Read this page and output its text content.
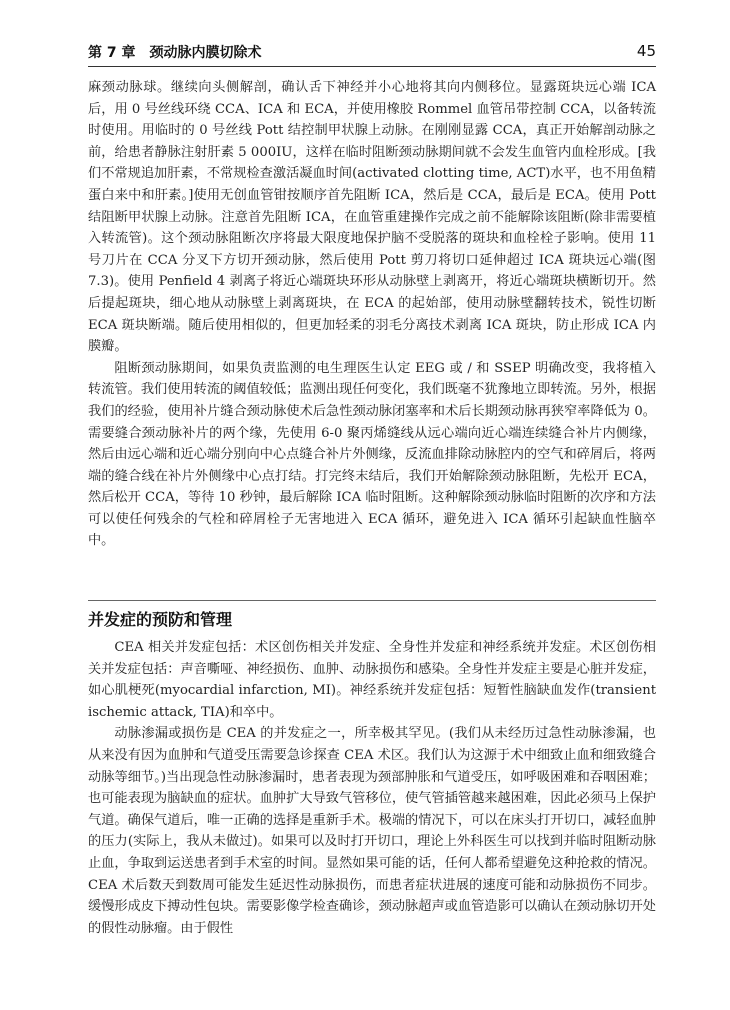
第 7 章　颈动脉内膜切除术	45

麻颈动脉球。继续向头侧解剖，确认舌下神经并小心地将其向内侧移位。显露斑块远心端 ICA 后，用 0 号丝线环绕 CCA、ICA 和 ECA，并使用橡胶 Rommel 血管吊带控制 CCA，以备转流时使用。用临时的 0 号丝线 Pott 结控制甲状腺上动脉。在刚刚显露 CCA，真正开始解剖动脉之前，给患者静脉注射肝素 5 000IU，这样在临时阻断颈动脉期间就不会发生血管内血栓形成。[我们不常规追加肝素，不常规检查激活凝血时间(activated clotting time, ACT)水平，也不用鱼精蛋白来中和肝素。]使用无创血管钳按顺序首先阻断 ICA，然后是 CCA，最后是 ECA。使用 Pott 结阻断甲状腺上动脉。注意首先阻断 ICA，在血管重建操作完成之前不能解除该阻断(除非需要植入转流管)。这个颈动脉阻断次序将最大限度地保护脑不受脱落的斑块和血栓栓子影响。使用 11 号刀片在 CCA 分叉下方切开颈动脉，然后使用 Pott 剪刀将切口延伸超过 ICA 斑块远心端(图 7.3)。使用 Penfield 4 剥离子将近心端斑块环形从动脉壁上剥离开，将近心端斑块横断切开。然后提起斑块，细心地从动脉壁上剥离斑块，在 ECA 的起始部，使用动脉壁翻转技术，锐性切断 ECA 斑块断端。随后使用相似的，但更加轻柔的羽毛分离技术剥离 ICA 斑块，防止形成 ICA 内膜瓣。

阻断颈动脉期间，如果负责监测的电生理医生认定 EEG 或 / 和 SSEP 明确改变，我将植入转流管。我们使用转流的阈值较低；监测出现任何变化，我们既毫不犹豫地立即转流。另外，根据我们的经验，使用补片缝合颈动脉使术后急性颈动脉闭塞率和术后长期颈动脉再狭窄率降低为 0。需要缝合颈动脉补片的两个缘，先使用 6-0 聚丙烯缝线从远心端向近心端连续缝合补片内侧缘，然后由远心端和近心端分别向中心点缝合补片外侧缘，反流血排除动脉腔内的空气和碎屑后，将两端的缝合线在补片外侧缘中心点打结。打完终末结后，我们开始解除颈动脉阻断，先松开 ECA，然后松开 CCA，等待 10 秒钟，最后解除 ICA 临时阻断。这种解除颈动脉临时阻断的次序和方法可以使任何残余的气栓和碎屑栓子无害地进入 ECA 循环，避免进入 ICA 循环引起缺血性脑卒中。

并发症的预防和管理

CEA 相关并发症包括：术区创伤相关并发症、全身性并发症和神经系统并发症。术区创伤相关并发症包括：声音嘶哑、神经损伤、血肿、动脉损伤和感染。全身性并发症主要是心脏并发症，如心肌梗死(myocardial infarction, MI)。神经系统并发症包括：短暂性脑缺血发作(transient ischemic attack, TIA)和卒中。

动脉渗漏或损伤是 CEA 的并发症之一，所幸极其罕见。(我们从未经历过急性动脉渗漏，也从来没有因为血肿和气道受压需要急诊探查 CEA 术区。我们认为这源于术中细致止血和细致缝合动脉等细节。)当出现急性动脉渗漏时，患者表现为颈部肿胀和气道受压，如呼吸困难和吞咽困难；也可能表现为脑缺血的症状。血肿扩大导致气管移位，使气管插管越来越困难，因此必须马上保护气道。确保气道后，唯一正确的选择是重新手术。极端的情况下，可以在床头打开切口，减轻血肿的压力(实际上，我从未做过)。如果可以及时打开切口，理论上外科医生可以找到并临时阻断动脉止血，争取到运送患者到手术室的时间。显然如果可能的话，任何人都希望避免这种抢救的情况。CEA 术后数天到数周可能发生延迟性动脉损伤，而患者症状进展的速度可能和动脉损伤不同步。缓慢形成皮下搏动性包块。需要影像学检查确诊，颈动脉超声或血管造影可以确认在颈动脉切开处的假性动脉瘤。由于假性
